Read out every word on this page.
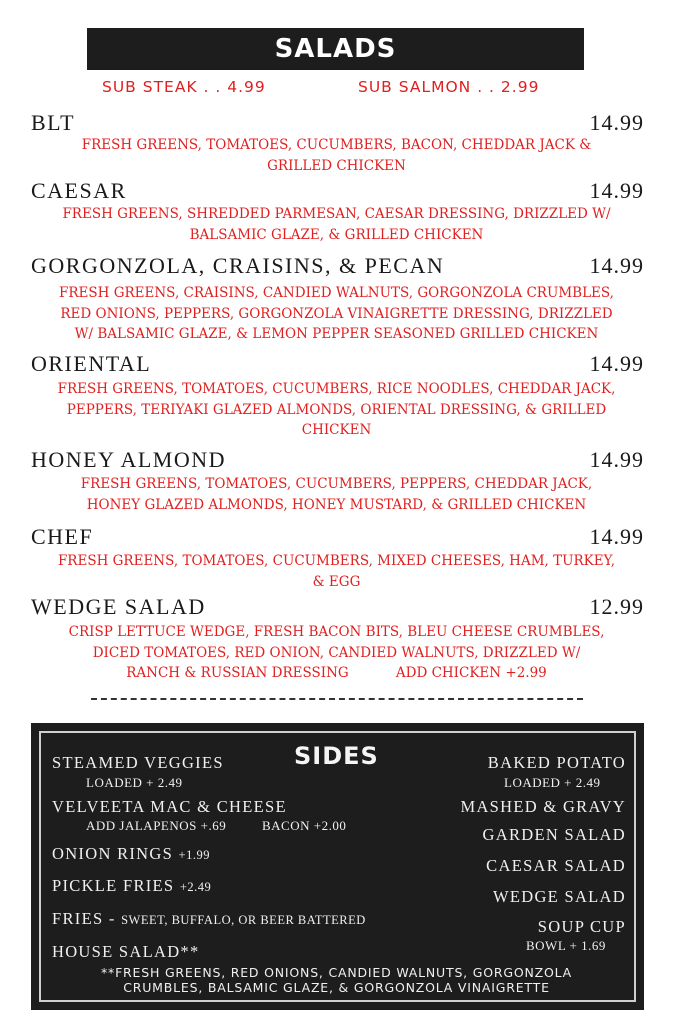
SALADS
SUB STEAK . . 4.99	SUB SALMON . . 2.99
BLT	14.99
FRESH GREENS, TOMATOES, CUCUMBERS, BACON, CHEDDAR JACK &
GRILLED CHICKEN
CAESAR	14.99
FRESH GREENS, SHREDDED PARMESAN, CAESAR DRESSING, DRIZZLED W/
BALSAMIC GLAZE, & GRILLED CHICKEN
GORGONZOLA, CRAISINS, & PECAN	14.99
FRESH GREENS, CRAISINS, CANDIED WALNUTS, GORGONZOLA CRUMBLES,
RED ONIONS, PEPPERS, GORGONZOLA VINAIGRETTE DRESSING, DRIZZLED
W/ BALSAMIC GLAZE, & LEMON PEPPER SEASONED GRILLED CHICKEN
ORIENTAL	14.99
FRESH GREENS, TOMATOES, CUCUMBERS, RICE NOODLES, CHEDDAR JACK,
PEPPERS, TERIYAKI GLAZED ALMONDS, ORIENTAL DRESSING, & GRILLED
CHICKEN
HONEY ALMOND	14.99
FRESH GREENS, TOMATOES, CUCUMBERS, PEPPERS, CHEDDAR JACK,
HONEY GLAZED ALMONDS, HONEY MUSTARD, & GRILLED CHICKEN
CHEF	14.99
FRESH GREENS, TOMATOES, CUCUMBERS, MIXED CHEESES, HAM, TURKEY,
& EGG
WEDGE SALAD	12.99
CRISP LETTUCE WEDGE, FRESH BACON BITS, BLEU CHEESE CRUMBLES,
DICED TOMATOES, RED ONION, CANDIED WALNUTS, DRIZZLED W/
RANCH & RUSSIAN DRESSING           ADD CHICKEN +2.99
SIDES
STEAMED VEGGIES
LOADED + 2.49
VELVEETA MAC & CHEESE
ADD JALAPENOS +.69	BACON +2.00
ONION RINGS +1.99
PICKLE FRIES +2.49
FRIES - SWEET, BUFFALO, OR BEER BATTERED
HOUSE SALAD**
BAKED POTATO
LOADED + 2.49
MASHED & GRAVY
GARDEN SALAD
CAESAR SALAD
WEDGE SALAD
SOUP CUP
BOWL + 1.69
**FRESH GREENS, RED ONIONS, CANDIED WALNUTS, GORGONZOLA
CRUMBLES, BALSAMIC GLAZE, & GORGONZOLA VINAIGRETTE
